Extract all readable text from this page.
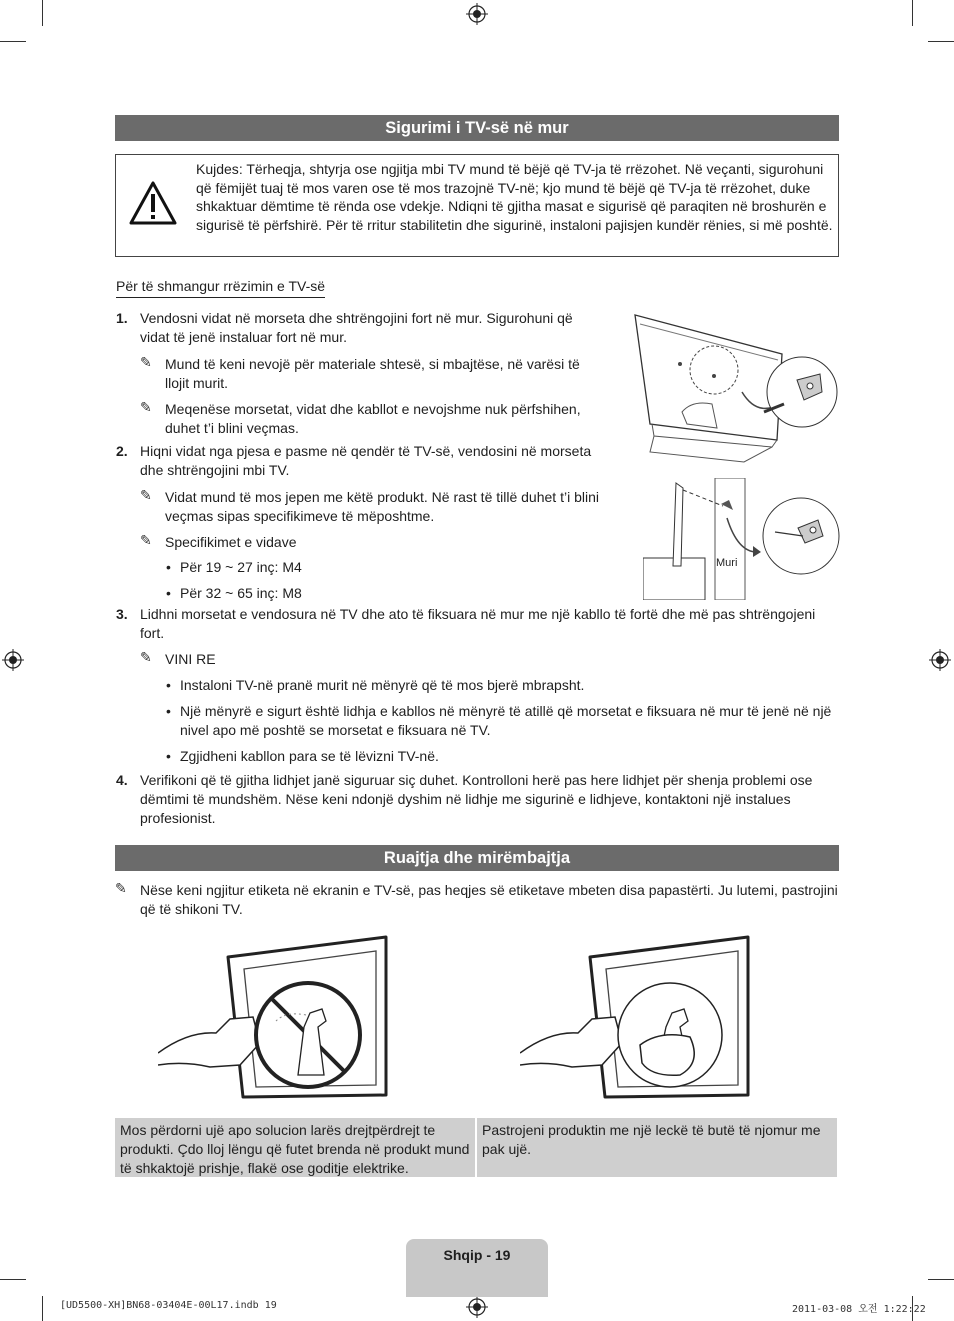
Sigurimi i TV-së në mur
Kujdes: Tërheqja, shtyrja ose ngjitja mbi TV mund të bëjë që TV-ja të rrëzohet. Në veçanti, sigurohuni që fëmijët tuaj të mos varen ose të mos trazojnë TV-në; kjo mund të bëjë që TV-ja të rrëzohet, duke shkaktuar dëmtime të rënda ose vdekje. Ndiqni të gjitha masat e sigurisë që paraqiten në broshurën e sigurisë të përfshirë. Për të rritur stabilitetin dhe sigurinë, instaloni pajisjen kundër rënies, si më poshtë.
Për të shmangur rrëzimin e TV-së
1. Vendosni vidat në morseta dhe shtrëngojini fort në mur. Sigurohuni që vidat të jenë instaluar fort në mur.
✎ Mund të keni nevojë për materiale shtesë, si mbajtëse, në varësi të llojit murit.
✎ Meqenëse morsetat, vidat dhe kabllot e nevojshme nuk përfshihen, duhet t’i blini veçmas.
2. Hiqni vidat nga pjesa e pasme në qendër të TV-së, vendosini në morseta dhe shtrëngojini mbi TV.
✎ Vidat mund të mos jepen me këtë produkt. Në rast të tillë duhet t’i blini veçmas sipas specifikimeve të mëposhtme.
✎ Specifikimet e vidave
• Për 19 ~ 27 inç: M4
• Për 32 ~ 65 inç: M8
Muri
3. Lidhni morsetat e vendosura në TV dhe ato të fiksuara në mur me një kabllo të fortë dhe më pas shtrëngojeni fort.
✎ VINI RE
• Instaloni TV-në pranë murit në mënyrë që të mos bjerë mbrapsht.
• Një mënyrë e sigurt është lidhja e kabllos në mënyrë të atillë që morsetat e fiksuara në mur të jenë në një nivel apo më poshtë se morsetat e fiksuara në TV.
• Zgjidheni kabllon para se të lëvizni TV-në.
4. Verifikoni që të gjitha lidhjet janë siguruar siç duhet. Kontrolloni herë pas here lidhjet për shenja problemi ose dëmtimi të mundshëm. Nëse keni ndonjë dyshim në lidhje me sigurinë e lidhjeve, kontaktoni një instalues profesionist.
Ruajtja dhe mirëmbajtja
✎ Nëse keni ngjitur etiketa në ekranin e TV-së, pas heqjes së etiketave mbeten disa papastërti. Ju lutemi, pastrojini që të shikoni TV.
Mos përdorni ujë apo solucion larës drejtpërdrejt te produkti. Çdo lloj lëngu që futet brenda në produkt mund të shkaktojë prishje, flakë ose goditje elektrike.
Pastrojeni produktin me një leckë të butë të njomur me pak ujë.
Shqip - 19
[UD5500-XH]BN68-03404E-00L17.indb 19	2011-03-08 오전 1:22:22
